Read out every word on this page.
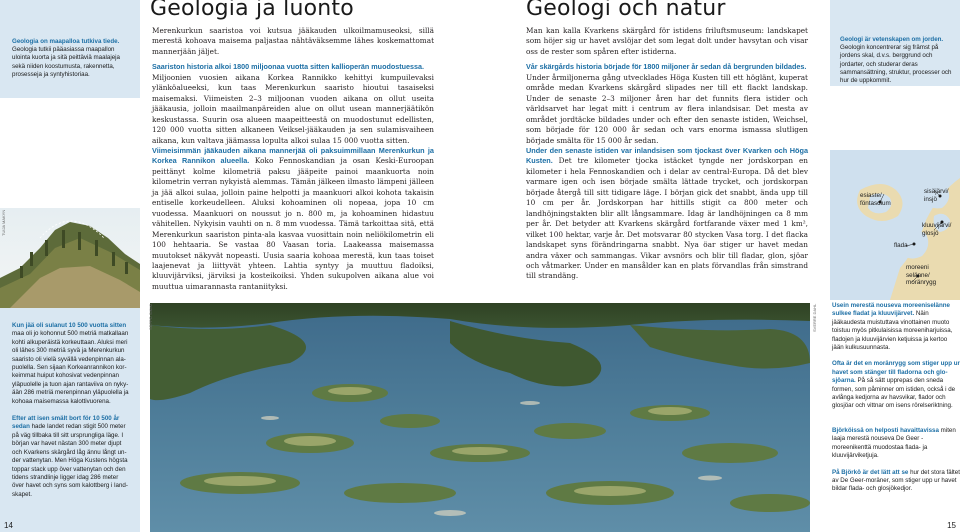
Geologia on maapalloa tutkiva tiede.
Geologia tutkii pääasiassa maapallon ulointa kuorta ja sitä peittäviä maalajeja sekä niiden koostumusta, rakennetta, prosesseja ja syntyhistoriaa.
TUIJA MAKYN
Kun jää oli sulanut 10 500 vuotta sitten maa oli jo kohonnut 500 metriä matkallaan kohti alkuperäistä korkeuttaan. Aluksi meri oli lähes 300 metriä syvä ja Merenkurkun saaristo oli vielä syvällä vedenpinnan alapuolella. Sen sijaan Korkeanrannikon korkeimmat huiput kohosivat vedenpinnan yläpuolelle ja tuon ajan rantaviiva on nykyään 286 metriä merenpinnan yläpuolella ja kohoaa maisemassa kalottivuorena.
Efter att isen smält bort för 10 500 år sedan hade landet redan stigit 500 meter på väg tillbaka till sitt ursprungliga läge. I början var havet nästan 300 meter djupt och Kvarkens skärgård låg ännu långt under vattenytan. Men Höga Kustens högsta toppar stack upp över vattenytan och den tidens strandlinje ligger idag 286 meter över havet och syns som kalottberg i landskapet.
14
Geologia ja luonto

Merenkurkun saaristoa voi kutsua jääkauden ulkoilmamuseoksi, sillä merestä kohoava maisema paljastaa nähtäväksemme lähes koskemattomat mannerjään jäljet.

Saariston historia alkoi 1800 miljoonaa vuotta sitten kallioperän muodostuessa.

Miljoonien vuosien aikana Korkea Rannikko kehittyi kumpuilevaksi ylänköalueeksi, kun taas Merenkurkun saaristo hioutui tasaiseksi maisemaksi. Viimeisten 2–3 miljoonan vuoden aikana on ollut useita jääkausia, jolloin maailmanpäreiden alue on ollut usean mannerjäätikön keskustassa. Suurin osa alueen maapeitteestä on muodostunut edellisten, 120 000 vuotta sitten alkaneen Veiksel-jääkauden ja sen sulamisvaiheen aikana, kun valtava jäämassa lopulta alkoi sulaa 15 000 vuotta sitten.

Viimeisimmän jääkauden aikana mannerjää oli paksuimmillaan Merenkurkun ja Korkea Rannikon alueella. Koko Fennoskandian ja osan Keski-Euroopan peittänyt kolme kilometriä paksu jääpeite painoi maankuorta noin kilometrin verran nykyistä alemmas. Tämän jälkeen ilmasto lämpeni jälleen ja jää alkoi sulaa, jolloin paine helpotti ja maankuori alkoi kohota takaisin entiselle korkeudelleen. Aluksi kohoaminen oli nopeaa, jopa 10 cm vuodessa. Maankuori on noussut jo n. 800 m, ja kohoaminen hidastuu vähitellen. Nykyisin vauhti on n. 8 mm vuodessa. Tämä tarkoittaa sitä, että Merenkurkun saariston pinta-ala kasvaa vuosittain noin neliökilometrin eli 100 hehtaaria. Se vastaa 80 Vaasan toria. Laakeassa maisemassa muutokset näkyvät nopeasti. Uusia saaria kohoaa merestä, kun taas toiset laajenevat ja liittyvät yhteen. Lahtia syntyy ja muuttuu fladoiksi, kluuvijärviksi, järviksi ja kosteikoiksi. Yhden sukupolven aikana alue voi muuttua uimarannasta rantaniityksi.

SEPPO SIKIKI
Geologi och natur

Man kan kalla Kvarkens skärgård för istidens friluftsmuseum: landskapet som höjer sig ur havet avslöjar det som legat dolt under havsytan och visar oss de rester som spåren efter istiderna.

Vår skärgårds historia började för 1800 miljoner år sedan då bergrunden bildades.

Under årmiljonerna gång utvecklades Höga Kusten till ett höglänt, kuperat område medan Kvarkens skärgård slipades ner till ett flackt landskap. Under de senaste 2–3 miljoner åren har det funnits flera istider och världsarvet har legat mitt i centrum av flera inlandsisar. Det mesta av området jordtäcke bildades under och efter den senaste istiden, Weichsel, som började för 120 000 år sedan och vars enorma ismassa slutligen började smälta för 15 000 år sedan.

Under den senaste istiden var inlandsisen som tjockast över Kvarken och Höga Kusten. Det tre kilometer tjocka istäcket tyngde ner jordskorpan en kilometer i hela Fennoskandien och i delar av central-Europa. Då det blev varmare igen och isen började smälta lättade trycket, och jordskorpan började återgå till sitt tidigare läge. I början gick det snabbt, ända upp till 10 cm per år. Jordskorpan har hittills stigit ca 800 meter och landhöjningstakten blir allt långsammare. Idag är landhöjningen ca 8 mm per år. Det betyder att Kvarkens skärgård fortfarande växer med 1 km², vilket 100 hektar, varje år. Det motsvarar 80 stycken Vasa torg. I det flacka landskapet syns förändringarna snabbt. Nya öar stiger ur havet medan andra växer och sammangas. Vikar avsnörs och blir till fladar, glon, sjöar och våtmarker. Under en mansålder kan en plats förvandlas från simstrand till strandäng.

Geologi är vetenskapen om jorden. Geologin koncentrerar sig främst på jordens skal, d.v.s. berggrund och jordarter, och studerar deras sammansättning, struktur, processer och hur de uppkommit.
esiaste/
föntasdium
sisäjärvi/
insjö
kluuvijärvi/
glosjö
flada
moreeni
selänne/
moränrygg
SVERRE DAHL Usein merestä nouseva moreeniselänne sulkee fladat ja kluuvijärvet. Näin jääkaudesta muistuttava vinottainen muoto toistuu myös pitkulaisissa moreeniharjuissa, fladojen ja kluuvijärvien ketjuissa ja kertoo jään kulkusuunnasta.
Ofta är det en moränrygg som stiger upp ur havet som stänger till fladorna och glosjöarna. På så sätt upprepas den sneda formen, som påminner om istiden, också i de avlånga kedjorna av havsvikar, flador och glosjöar och vittnar om isens rörelseriktning.
Björköissä on helposti havaittavissa miten laaja merestä nouseva De Geer -moreenikenttä muodostaa flada- ja kluuvijärviketjuja.
På Björkö är det lätt att se hur det stora fältet av De Geer-moräner, som stiger upp ur havet bildar flada- och glosjökedjor.
15
